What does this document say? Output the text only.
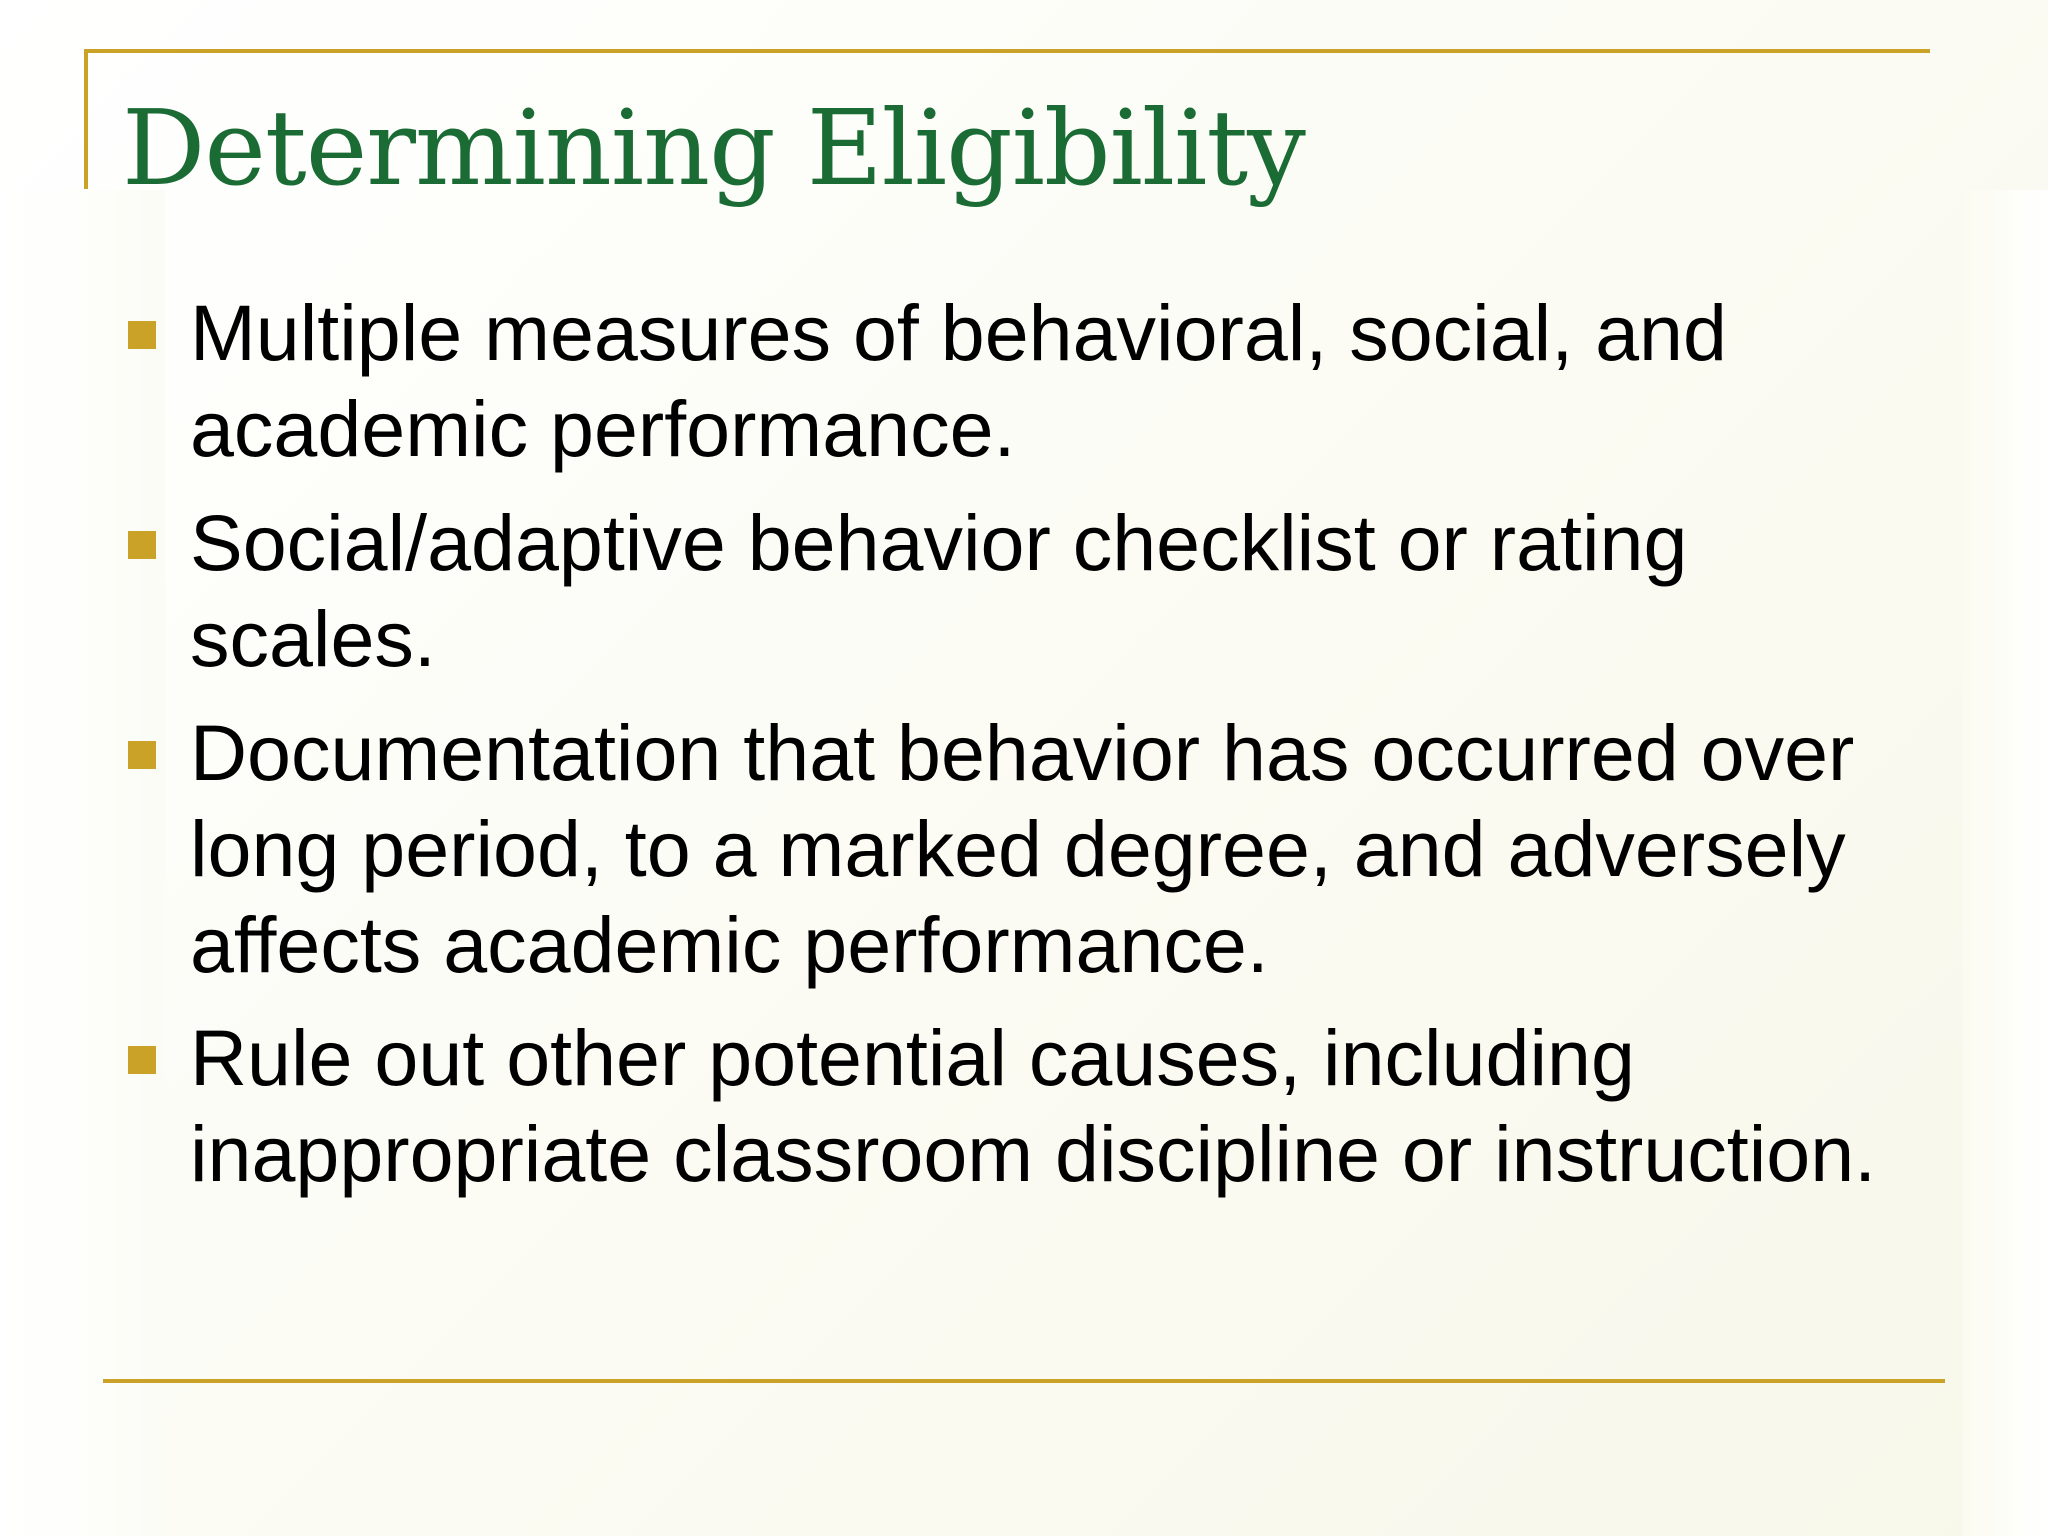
Determining Eligibility
Multiple measures of behavioral, social, and academic performance.
Social/adaptive behavior checklist or rating scales.
Documentation that behavior has occurred over long period, to a marked degree, and adversely affects academic performance.
Rule out other potential causes, including inappropriate classroom discipline or instruction.
